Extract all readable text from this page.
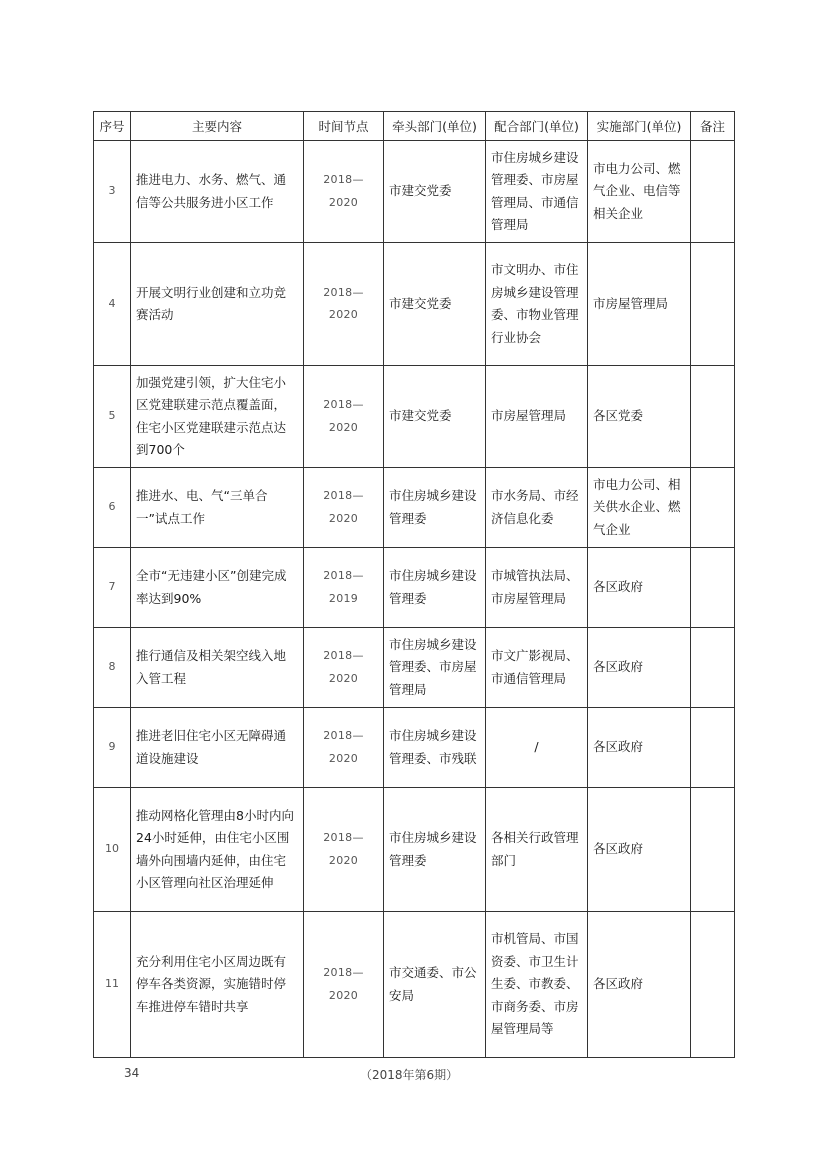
序号	主要内容	时间节点	牵头部门(单位)	配合部门(单位)	实施部门(单位)	备注
3	推进电力、水务、燃气、通信等公共服务进小区工作	2018—2020	市建交党委	市住房城乡建设管理委、市房屋管理局、市通信管理局	市电力公司、燃气企业、电信等相关企业	
4	开展文明行业创建和立功竞赛活动	2018—2020	市建交党委	市文明办、市住房城乡建设管理委、市物业管理行业协会	市房屋管理局	
5	加强党建引领，扩大住宅小区党建联建示范点覆盖面，住宅小区党建联建示范点达到700个	2018—2020	市建交党委	市房屋管理局	各区党委	
6	推进水、电、气“三单合一”试点工作	2018—2020	市住房城乡建设管理委	市水务局、市经济信息化委	市电力公司、相关供水企业、燃气企业	
7	全市“无违建小区”创建完成率达到90%	2018—2019	市住房城乡建设管理委	市城管执法局、市房屋管理局	各区政府	
8	推行通信及相关架空线入地入管工程	2018—2020	市住房城乡建设管理委、市房屋管理局	市文广影视局、市通信管理局	各区政府	
9	推进老旧住宅小区无障碍通道设施建设	2018—2020	市住房城乡建设管理委、市残联	/	各区政府	
10	推动网格化管理由8小时内向24小时延伸，由住宅小区围墙外向围墙内延伸，由住宅小区管理向社区治理延伸	2018—2020	市住房城乡建设管理委	各相关行政管理部门	各区政府	
11	充分利用住宅小区周边既有停车各类资源，实施错时停车推进停车错时共享	2018—2020	市交通委、市公安局	市机管局、市国资委、市卫生计生委、市教委、市商务委、市房屋管理局等	各区政府	
34	（2018年第6期）
